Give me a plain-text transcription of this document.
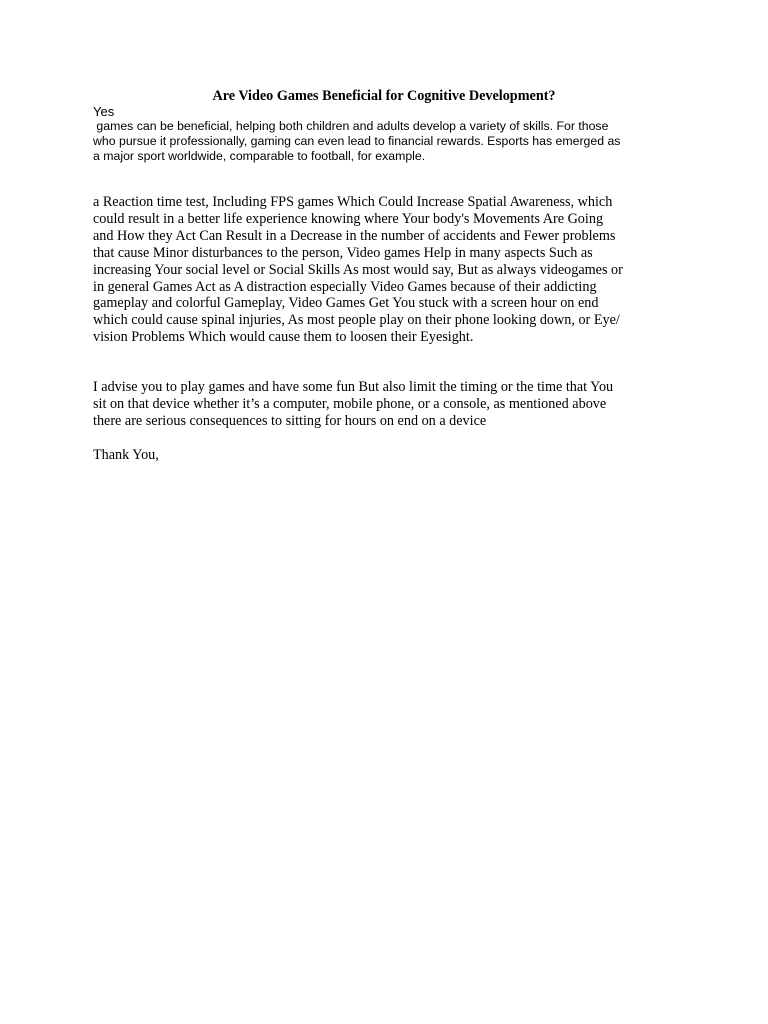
Are Video Games Beneficial for Cognitive Development?

Yes

games can be beneficial, helping both children and adults develop a variety of skills. For those
who pursue it professionally, gaming can even lead to financial rewards. Esports has emerged as
a major sport worldwide, comparable to football, for example.

a Reaction time test, Including FPS games Which Could Increase Spatial Awareness, which
could result in a better life experience knowing where Your body's Movements Are Going
and How they Act Can Result in a Decrease in the number of accidents and Fewer problems
that cause Minor disturbances to the person, Video games Help in many aspects Such as
increasing Your social level or Social Skills As most would say, But as always videogames or
in general Games Act as A distraction especially Video Games because of their addicting
gameplay and colorful Gameplay, Video Games Get You stuck with a screen hour on end
which could cause spinal injuries, As most people play on their phone looking down, or Eye/
vision Problems Which would cause them to loosen their Eyesight.

I advise you to play games and have some fun But also limit the timing or the time that You
sit on that device whether it’s a computer, mobile phone, or a console, as mentioned above
there are serious consequences to sitting for hours on end on a device

Thank You,
